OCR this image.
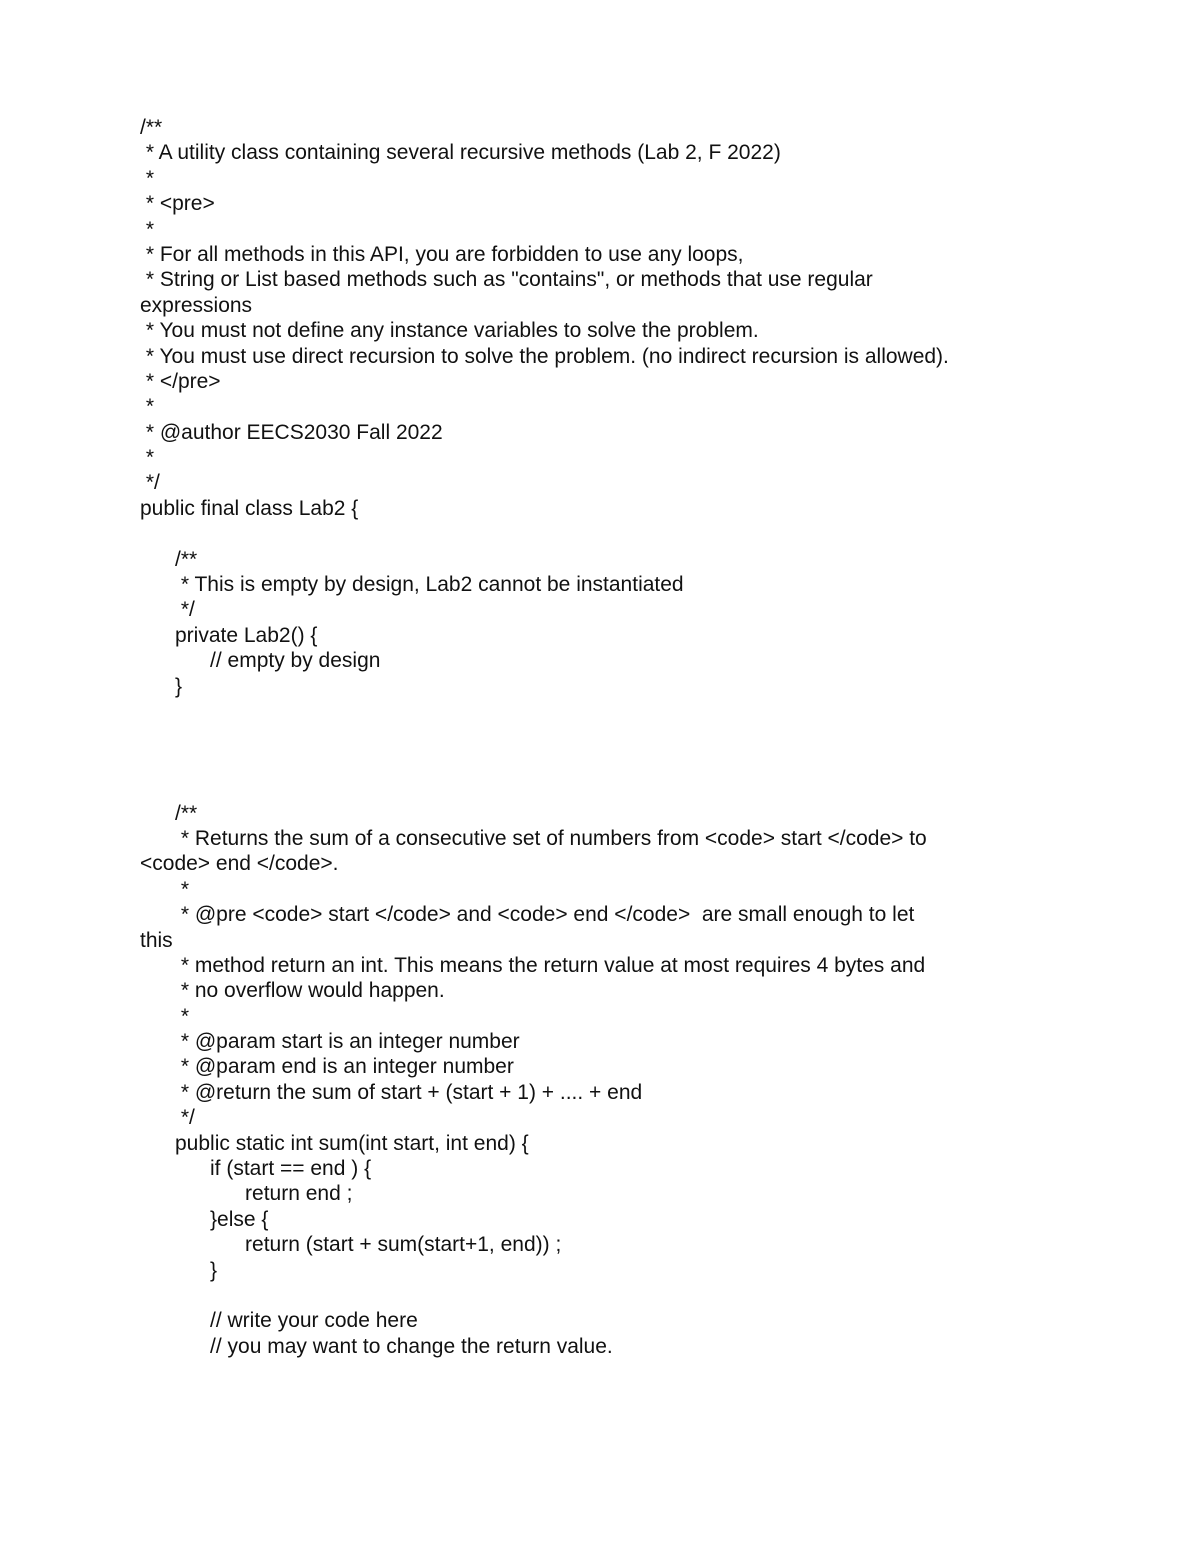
/**
* A utility class containing several recursive methods (Lab 2, F 2022)
*
* <pre>
*
* For all methods in this API, you are forbidden to use any loops,
* String or List based methods such as "contains", or methods that use regular
expressions
* You must not define any instance variables to solve the problem.
* You must use direct recursion to solve the problem. (no indirect recursion is allowed).
* </pre>
*
* @author EECS2030 Fall 2022
*
*/
public final class Lab2 {
/**
* This is empty by design, Lab2 cannot be instantiated
*/
private Lab2() {
// empty by design
}
/**
* Returns the sum of a consecutive set of numbers from <code> start </code> to
<code> end </code>.
*
* @pre <code> start </code> and <code> end </code>  are small enough to let
this
* method return an int. This means the return value at most requires 4 bytes and
* no overflow would happen.
*
* @param start is an integer number
* @param end is an integer number
* @return the sum of start + (start + 1) + .... + end
*/
public static int sum(int start, int end) {
if (start == end ) {
return end ;
}else {
return (start + sum(start+1, end)) ;
}
// write your code here
// you may want to change the return value.
